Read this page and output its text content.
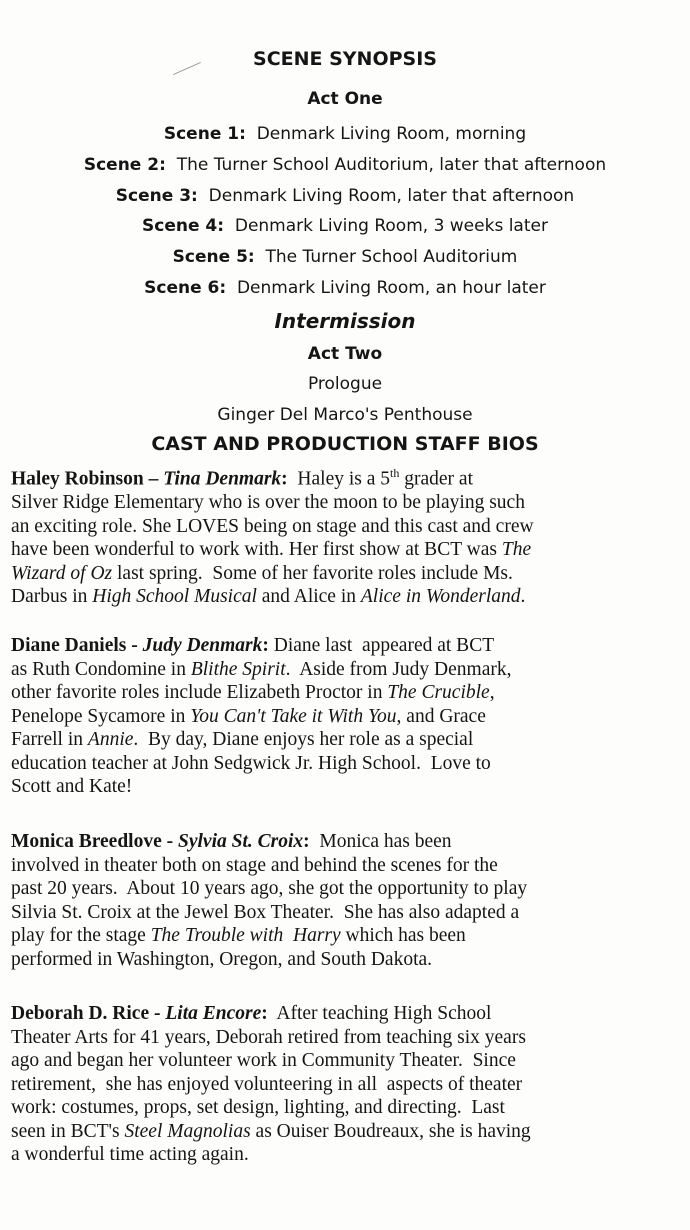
SCENE SYNOPSIS
Act One
Scene 1: Denmark Living Room, morning
Scene 2: The Turner School Auditorium, later that afternoon
Scene 3: Denmark Living Room, later that afternoon
Scene 4: Denmark Living Room, 3 weeks later
Scene 5: The Turner School Auditorium
Scene 6: Denmark Living Room, an hour later
Intermission
Act Two
Prologue
Ginger Del Marco's Penthouse
CAST AND PRODUCTION STAFF BIOS
Haley Robinson – Tina Denmark:  Haley is a 5th grader at
Silver Ridge Elementary who is over the moon to be playing such
an exciting role. She LOVES being on stage and this cast and crew
have been wonderful to work with. Her first show at BCT was The
Wizard of Oz last spring.  Some of her favorite roles include Ms.
Darbus in High School Musical and Alice in Alice in Wonderland.
Diane Daniels - Judy Denmark: Diane last  appeared at BCT
as Ruth Condomine in Blithe Spirit.  Aside from Judy Denmark,
other favorite roles include Elizabeth Proctor in The Crucible,
Penelope Sycamore in You Can't Take it With You, and Grace
Farrell in Annie.  By day, Diane enjoys her role as a special
education teacher at John Sedgwick Jr. High School.  Love to
Scott and Kate!
Monica Breedlove - Sylvia St. Croix:  Monica has been
involved in theater both on stage and behind the scenes for the
past 20 years.  About 10 years ago, she got the opportunity to play
Silvia St. Croix at the Jewel Box Theater.  She has also adapted a
play for the stage The Trouble with  Harry which has been
performed in Washington, Oregon, and South Dakota.
Deborah D. Rice - Lita Encore:  After teaching High School
Theater Arts for 41 years, Deborah retired from teaching six years
ago and began her volunteer work in Community Theater.  Since
retirement,  she has enjoyed volunteering in all  aspects of theater
work: costumes, props, set design, lighting, and directing.  Last
seen in BCT's Steel Magnolias as Ouiser Boudreaux, she is having
a wonderful time acting again.
